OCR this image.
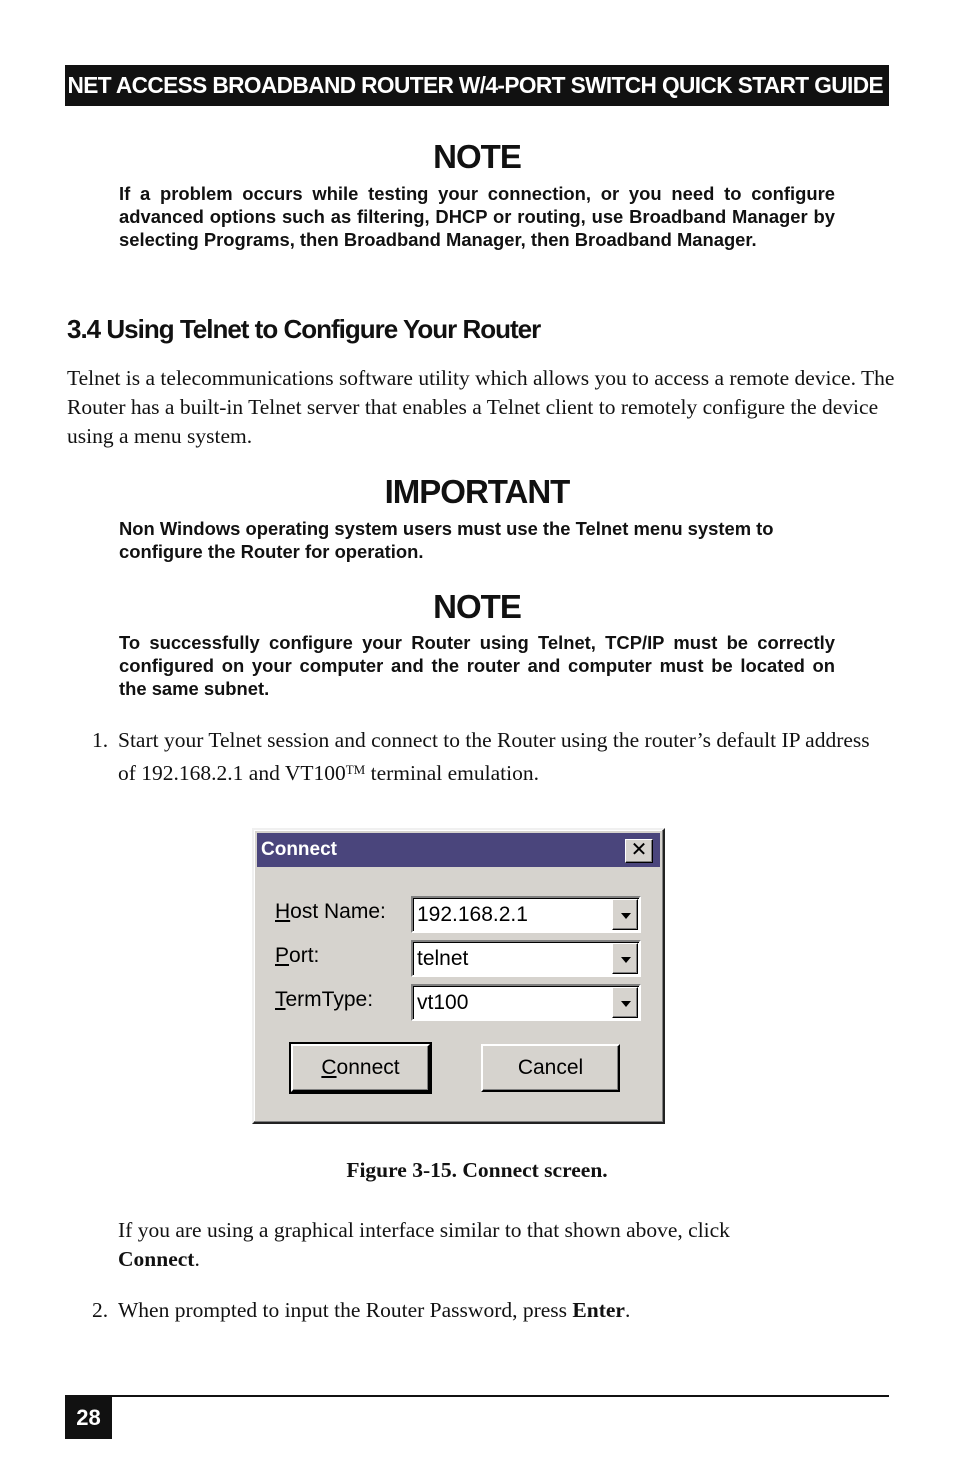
NET ACCESS BROADBAND ROUTER W/4-PORT SWITCH QUICK START GUIDE
NOTE
If a problem occurs while testing your connection, or you need to configure advanced options such as filtering, DHCP or routing, use Broadband Manager by selecting Programs, then Broadband Manager, then Broadband Manager.
3.4 Using Telnet to Configure Your Router
Telnet is a telecommunications software utility which allows you to access a remote device. The Router has a built-in Telnet server that enables a Telnet client to remotely configure the device using a menu system.
IMPORTANT
Non Windows operating system users must use the Telnet menu system to configure the Router for operation.
NOTE
To successfully configure your Router using Telnet, TCP/IP must be correctly configured on your computer and the router and computer must be located on the same subnet.
1. Start your Telnet session and connect to the Router using the router’s default IP address of 192.168.2.1 and VT100™ terminal emulation.
Connect	✕
Host Name: 192.168.2.1
Port:	telnet
TermType: vt100
Connect	Cancel
Figure 3-15. Connect screen.
If you are using a graphical interface similar to that shown above, click
Connect.
2. When prompted to input the Router Password, press Enter.
28
